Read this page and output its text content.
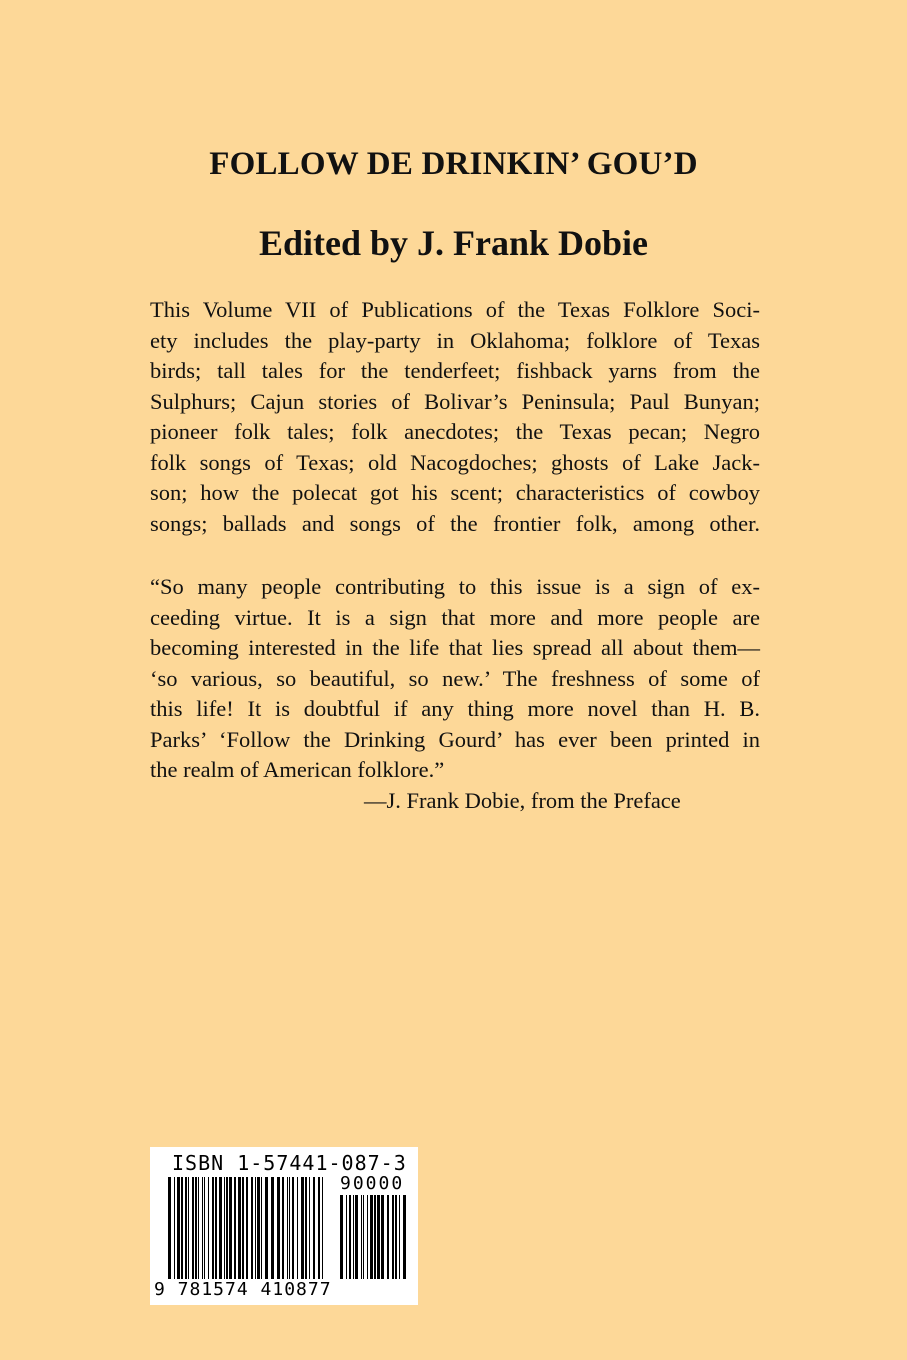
FOLLOW DE DRINKIN’ GOU’D
Edited by J. Frank Dobie
This Volume VII of Publications of the Texas Folklore Soci-
ety includes the play-party in Oklahoma; folklore of Texas
birds; tall tales for the tenderfeet; fishback yarns from the
Sulphurs; Cajun stories of Bolivar’s Peninsula; Paul Bunyan;
pioneer folk tales; folk anecdotes; the Texas pecan; Negro
folk songs of Texas; old Nacogdoches; ghosts of Lake Jack-
son; how the polecat got his scent; characteristics of cowboy
songs; ballads and songs of the frontier folk, among other.
“So many people contributing to this issue is a sign of ex-
ceeding virtue. It is a sign that more and more people are
becoming interested in the life that lies spread all about them—
‘so various, so beautiful, so new.’ The freshness of some of
this life! It is doubtful if any thing more novel than H. B.
Parks’ ‘Follow the Drinking Gourd’ has ever been printed in
the realm of American folklore.”
—J. Frank Dobie, from the Preface
ISBN 1-57441-087-3
90000
9 781574 410877
